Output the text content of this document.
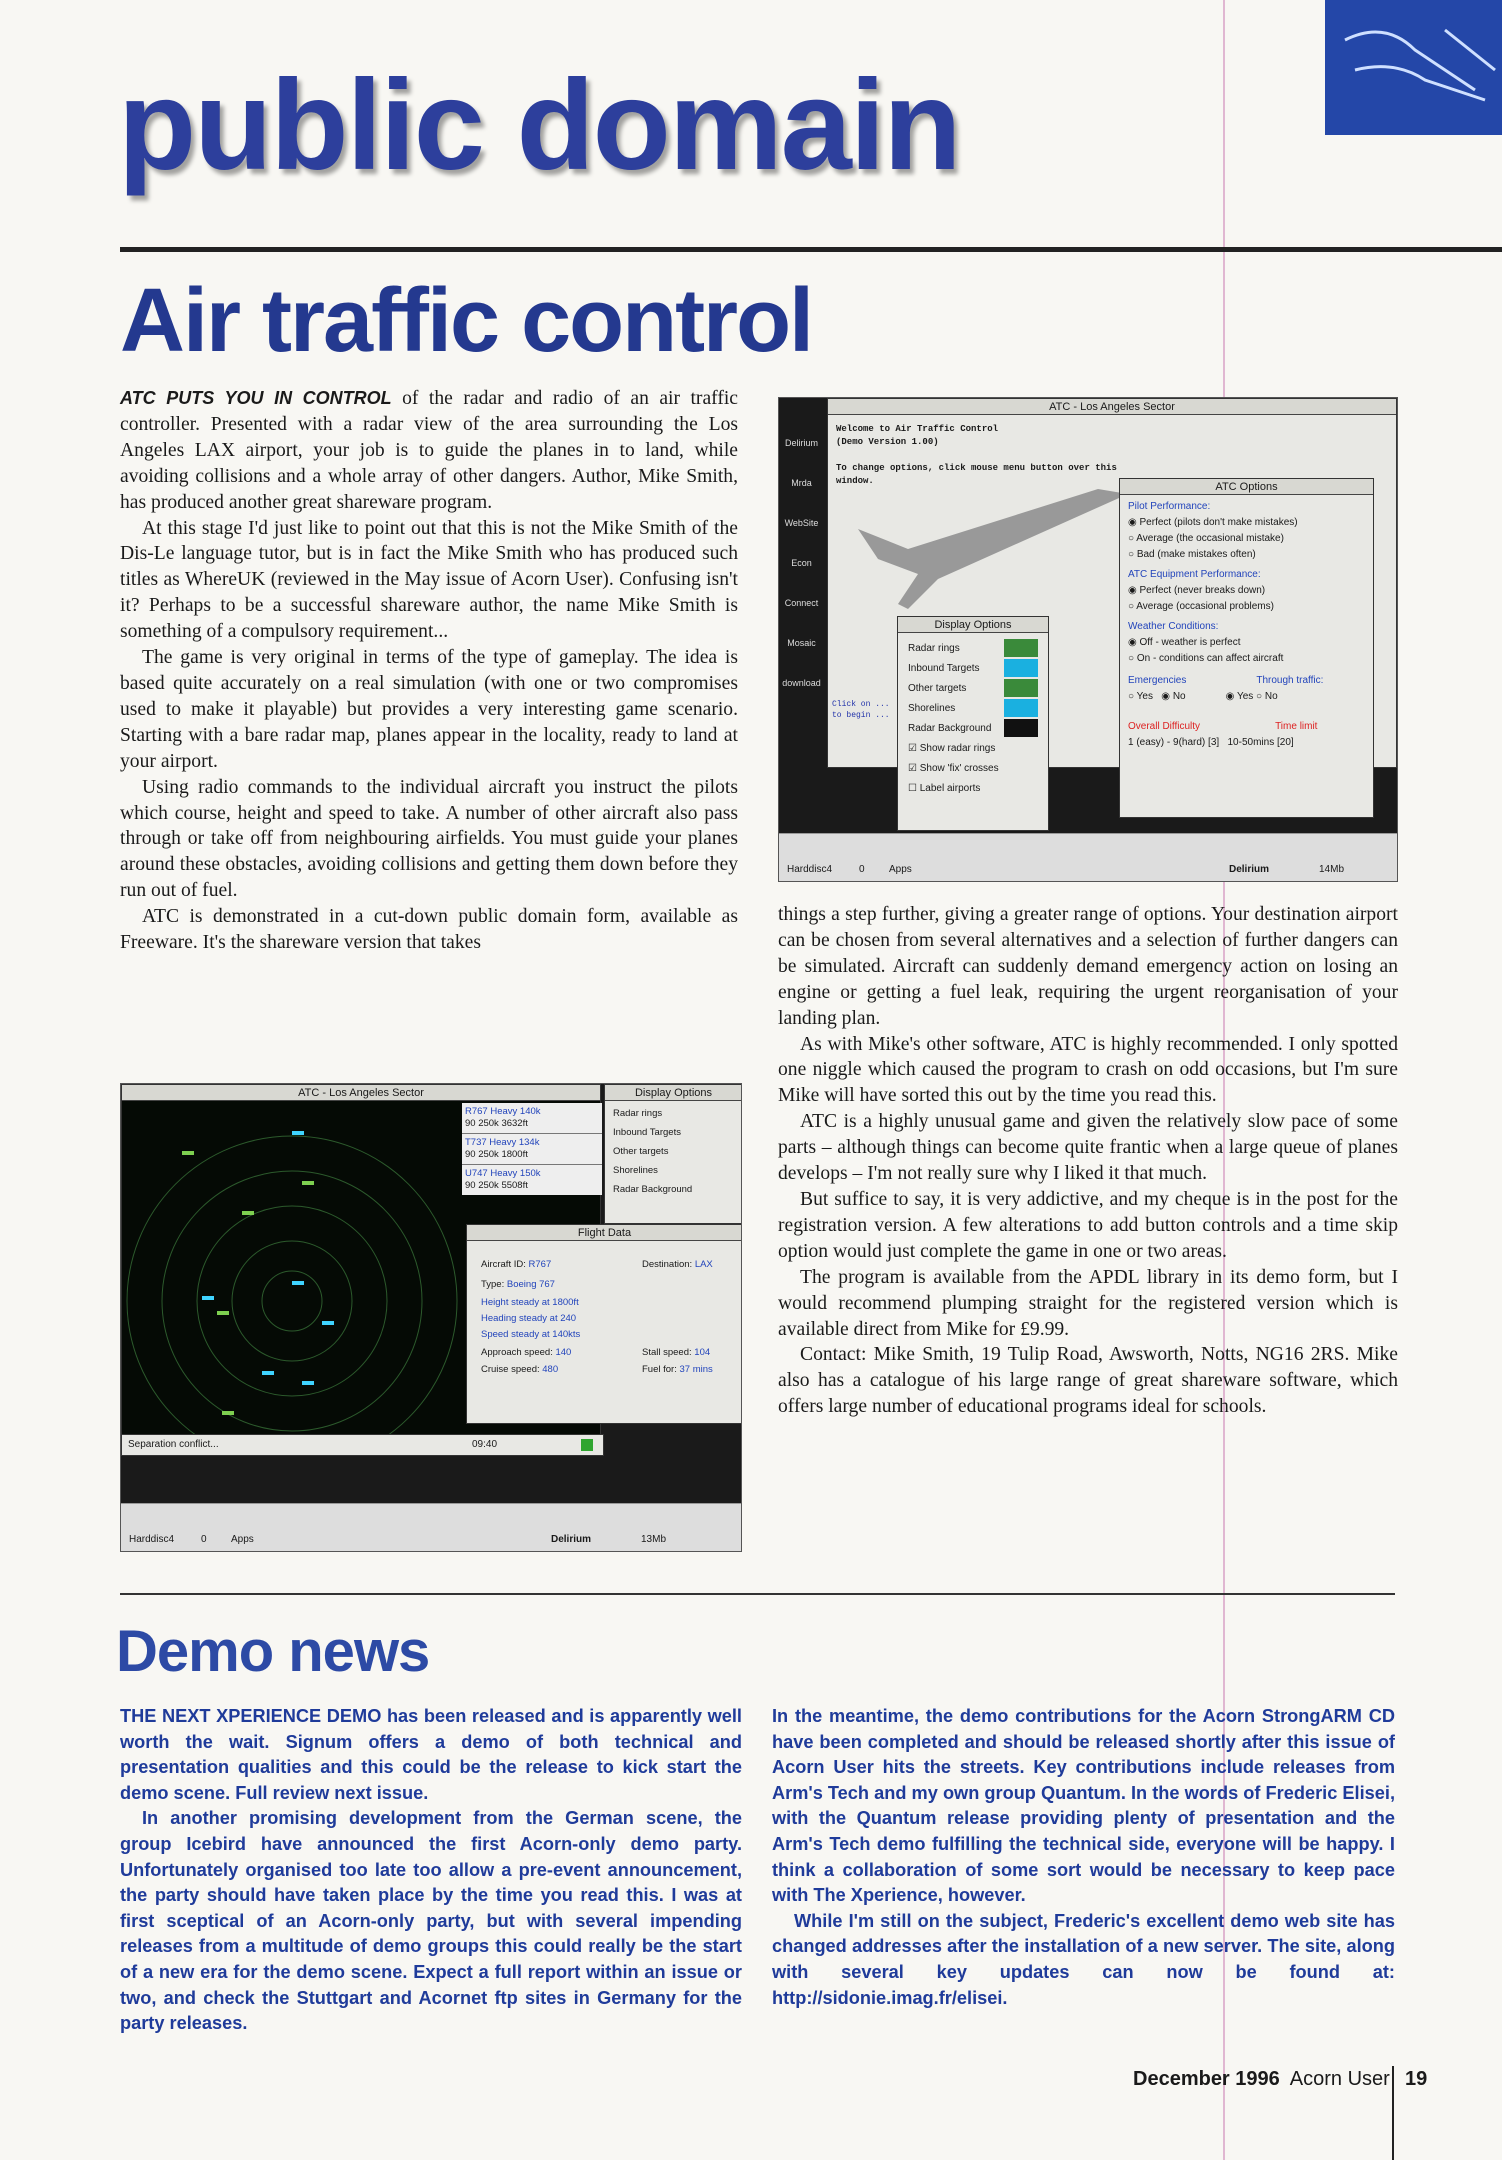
public domain
Air traffic control

ATC PUTS YOU IN CONTROL of the radar and radio of an air traffic controller. Presented with a radar view of the area surrounding the Los Angeles LAX airport, your job is to guide the planes in to land, while avoiding collisions and a whole array of other dangers. Author, Mike Smith, has produced another great shareware program.

At this stage I'd just like to point out that this is not the Mike Smith of the Dis-Le language tutor, but is in fact the Mike Smith who has produced such titles as WhereUK (reviewed in the May issue of Acorn User). Confusing isn't it? Perhaps to be a successful shareware author, the name Mike Smith is something of a compulsory requirement...

The game is very original in terms of the type of gameplay. The idea is based quite accurately on a real simulation (with one or two compromises used to make it playable) but provides a very interesting game scenario. Starting with a bare radar map, planes appear in the locality, ready to land at your airport.

Using radio commands to the individual aircraft you instruct the pilots which course, height and speed to take. A number of other aircraft also pass through or take off from neighbouring airfields. You must guide your planes around these obstacles, avoiding collisions and getting them down before they run out of fuel.

ATC is demonstrated in a cut-down public domain form, available as Freeware. It's the shareware version that takes

Delirium
Mrda
WebSite
Econ
Connect
Mosaic
download
ATC - Los Angeles Sector
Welcome to Air Traffic Control
(Demo Version 1.00)

To change options, click mouse menu button over this window.
Click on ... to begin ...
Display Options
Radar rings
Inbound Targets
Other targets
Shorelines
Radar Background
☑ Show radar rings
☑ Show 'fix' crosses
☐ Label airports
ATC Options
Pilot Performance:
◉ Perfect (pilots don't make mistakes)
○ Average (the occasional mistake)
○ Bad (make mistakes often)
ATC Equipment Performance:
◉ Perfect (never breaks down)
○ Average (occasional problems)
Weather Conditions:
◉ Off - weather is perfect
○ On - conditions can affect aircraft
Emergencies	Through traffic:
○ Yes   ◉ No	◉ Yes ○ No
Overall Difficulty	Time limit
1 (easy) - 9(hard) [3]   10-50mins [20]
Harddisc4	0 Apps	Delirium	14Mb
ATC - Los Angeles Sector
R767 Heavy 140k
90 250k 3632ft
T737 Heavy 134k
90 250k 1800ft
U747 Heavy 150k
90 250k 5508ft
Display Options
Radar rings
Inbound Targets
Other targets
Shorelines
Radar Background
Flight Data
Aircraft ID: R767	Destination: LAX
Type: Boeing 767
Height steady at 1800ft
Heading steady at 240
Speed steady at 140kts
Approach speed: 140	Stall speed: 104
Cruise speed: 480	Fuel for: 37 mins
Separation conflict...	09:40
Harddisc4	0 Apps	Delirium	13Mb

things a step further, giving a greater range of options. Your destination airport can be chosen from several alternatives and a selection of further dangers can be simulated. Aircraft can suddenly demand emergency action on losing an engine or getting a fuel leak, requiring the urgent reorganisation of your landing plan.

As with Mike's other software, ATC is highly recommended. I only spotted one niggle which caused the program to crash on odd occasions, but I'm sure Mike will have sorted this out by the time you read this.

ATC is a highly unusual game and given the relatively slow pace of some parts – although things can become quite frantic when a large queue of planes develops – I'm not really sure why I liked it that much.

But suffice to say, it is very addictive, and my cheque is in the post for the registration version. A few alterations to add button controls and a time skip option would just complete the game in one or two areas.

The program is available from the APDL library in its demo form, but I would recommend plumping straight for the registered version which is available direct from Mike for £9.99.

Contact: Mike Smith, 19 Tulip Road, Awsworth, Notts, NG16 2RS. Mike also has a catalogue of his large range of great shareware software, which offers large number of educational programs ideal for schools.

Demo news

THE NEXT XPERIENCE DEMO has been released and is apparently well worth the wait. Signum offers a demo of both technical and presentation qualities and this could be the release to kick start the demo scene. Full review next issue.

In another promising development from the German scene, the group Icebird have announced the first Acorn-only demo party. Unfortunately organised too late too allow a pre-event announcement, the party should have taken place by the time you read this. I was at first sceptical of an Acorn-only party, but with several impending releases from a multitude of demo groups this could really be the start of a new era for the demo scene. Expect a full report within an issue or two, and check the Stuttgart and Acornet ftp sites in Germany for the party releases.

In the meantime, the demo contributions for the Acorn StrongARM CD have been completed and should be released shortly after this issue of Acorn User hits the streets. Key contributions include releases from Arm's Tech and my own group Quantum. In the words of Frederic Elisei, with the Quantum release providing plenty of presentation and the Arm's Tech demo fulfilling the technical side, everyone will be happy. I think a collaboration of some sort would be necessary to keep pace with The Xperience, however.

While I'm still on the subject, Frederic's excellent demo web site has changed addresses after the installation of a new server. The site, along with several key updates can now be found at: http://sidonie.imag.fr/elisei.

December 1996 Acorn User 19
